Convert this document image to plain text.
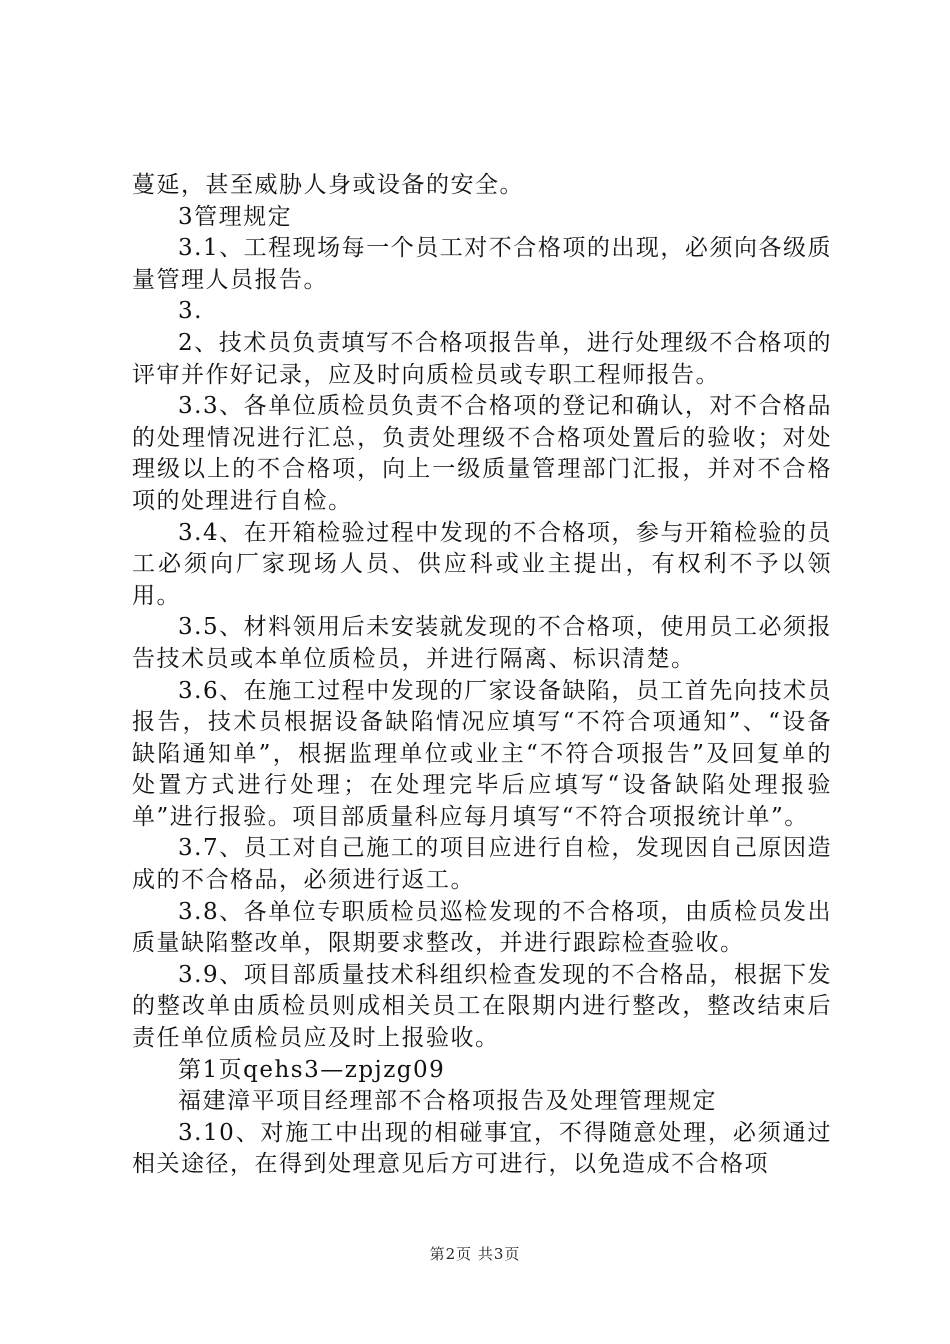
蔓延，甚至威胁人身或设备的安全。

3管理规定

3.1、工程现场每一个员工对不合格项的出现，必须向各级质量管理人员报告。

3.

2、技术员负责填写不合格项报告单，进行处理级不合格项的评审并作好记录，应及时向质检员或专职工程师报告。

3.3、各单位质检员负责不合格项的登记和确认，对不合格品的处理情况进行汇总，负责处理级不合格项处置后的验收；对处理级以上的不合格项，向上一级质量管理部门汇报，并对不合格项的处理进行自检。

3.4、在开箱检验过程中发现的不合格项，参与开箱检验的员工必须向厂家现场人员、供应科或业主提出，有权利不予以领用。

3.5、材料领用后未安装就发现的不合格项，使用员工必须报告技术员或本单位质检员，并进行隔离、标识清楚。

3.6、在施工过程中发现的厂家设备缺陷，员工首先向技术员报告，技术员根据设备缺陷情况应填写“不符合项通知”、“设备缺陷通知单”，根据监理单位或业主“不符合项报告”及回复单的处置方式进行处理；在处理完毕后应填写“设备缺陷处理报验单”进行报验。项目部质量科应每月填写“不符合项报统计单”。

3.7、员工对自己施工的项目应进行自检，发现因自己原因造成的不合格品，必须进行返工。

3.8、各单位专职质检员巡检发现的不合格项，由质检员发出质量缺陷整改单，限期要求整改，并进行跟踪检查验收。

3.9、项目部质量技术科组织检查发现的不合格品，根据下发的整改单由质检员则成相关员工在限期内进行整改，整改结束后责任单位质检员应及时上报验收。

第1页qehs3—zpjzg09

福建漳平项目经理部不合格项报告及处理管理规定

3.10、对施工中出现的相碰事宜，不得随意处理，必须通过相关途径，在得到处理意见后方可进行，以免造成不合格项

第2页 共3页
